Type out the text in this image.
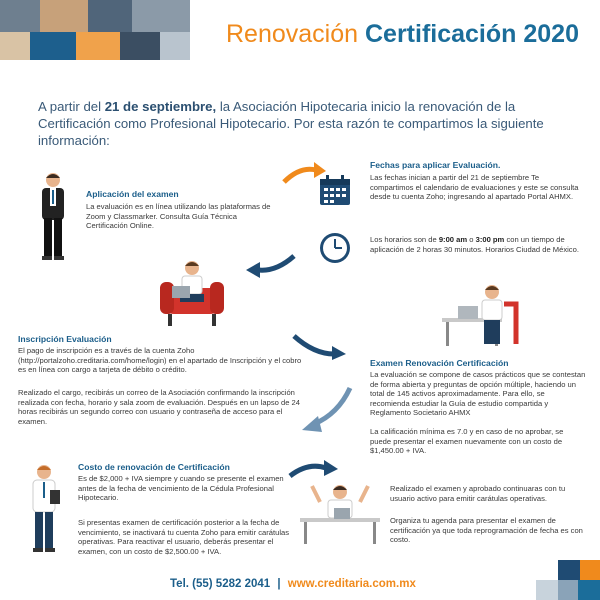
Renovación Certificación 2020
A partir del 21 de septiembre, la Asociación Hipotecaria inicio la renovación de la Certificación como Profesional Hipotecario. Por esta razón te compartimos la siguiente información:
Aplicación del examen
La evaluación es en línea utilizando las plataformas de Zoom y Classmarker. Consulta Guía Técnica Certificación Online.
Fechas para aplicar Evaluación.
Las fechas inician a partir del 21 de septiembre Te compartimos el calendario de evaluaciones y este se consulta desde tu cuenta Zoho; ingresando al apartado Portal AHMX.
Los horarios son de 9:00 am o 3:00 pm con un tiempo de aplicación de 2 horas 30 minutos. Horarios Ciudad de México.
Inscripción Evaluación
El pago de inscripción es a través de la cuenta Zoho (http://portalzoho.creditaria.com/home/login) en el apartado de Inscripción y el cobro es en línea con cargo a tarjeta de débito o crédito.
Realizado el cargo, recibirás un correo de la Asociación confirmando la inscripción realizada con fecha, horario y sala zoom de evaluación. Después en un lapso de 24 horas recibirás un segundo correo con usuario y contraseña de acceso para el examen.
Examen Renovación Certificación
La evaluación se compone de casos prácticos que se contestan de forma abierta y preguntas de opción múltiple, haciendo un total de 145 activos aproximadamente. Para ello, se recomienda estudiar la Guía de estudio compartida y Reglamento Societario AHMX
La calificación mínima es 7.0 y en caso de no aprobar, se puede presentar el examen nuevamente con un costo de $1,450.00 + IVA.
Costo de renovación de Certificación
Es de $2,000 + IVA siempre y cuando se presente el examen antes de la fecha de vencimiento de la Cédula Profesional Hipotecario.
Si presentas examen de certificación posterior a la fecha de vencimiento, se inactivará tu cuenta Zoho para emitir carátulas operativas. Para reactivar el usuario, deberás presentar el examen, con un costo de $2,500.00 + IVA.
Realizado el examen y aprobado continuaras con tu usuario activo para emitir carátulas operativas.
Organiza tu agenda para presentar el examen de certificación ya que toda reprogramación de fecha es con costo.
Tel. (55) 5282 2041 | www.creditaria.com.mx
